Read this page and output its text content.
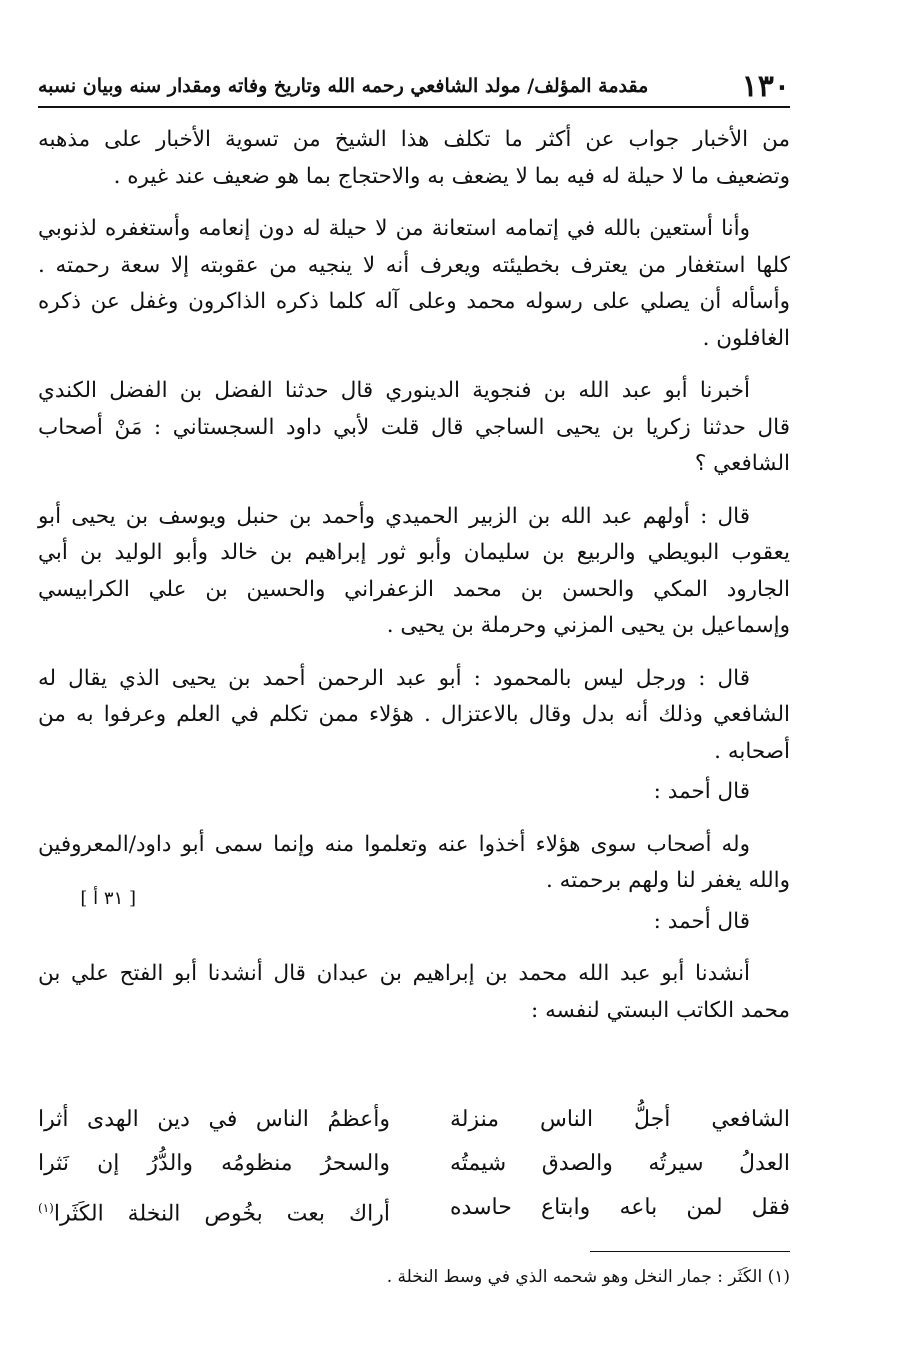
١٣٠
مقدمة المؤلف/ مولد الشافعي رحمه الله وتاريخ وفاته ومقدار سنه وبيان نسبه

من الأخبار جواب عن أكثر ما تكلف هذا الشيخ من تسوية الأخبار على مذهبه
وتضعيف ما لا حيلة له فيه بما لا يضعف به والاحتجاج بما هو ضعيف عند غيره .

وأنا أستعين بالله في إتمامه استعانة من لا حيلة له دون إنعامه وأستغفره لذنوبي
كلها استغفار من يعترف بخطيئته ويعرف أنه لا ينجيه من عقوبته إلا سعة رحمته .
وأسأله أن يصلي على رسوله محمد وعلى آله كلما ذكره الذاكرون وغفل عن ذكره
الغافلون .

أخبرنا أبو عبد الله بن فنجوية الدينوري قال حدثنا الفضل بن الفضل الكندي
قال حدثنا زكريا بن يحيى الساجي قال قلت لأبي داود السجستاني : مَنْ أصحاب
الشافعي ؟

قال : أولهم عبد الله بن الزبير الحميدي وأحمد بن حنبل ويوسف بن يحيى أبو
يعقوب البويطي والربيع بن سليمان وأبو ثور إبراهيم بن خالد وأبو الوليد بن أبي
الجارود المكي والحسن بن محمد الزعفراني والحسين بن علي الكرابيسي
وإسماعيل بن يحيى المزني وحرملة بن يحيى .

قال : ورجل ليس بالمحمود : أبو عبد الرحمن أحمد بن يحيى الذي يقال له
الشافعي وذلك أنه بدل وقال بالاعتزال . هؤلاء ممن تكلم في العلم وعرفوا به من
أصحابه .

قال أحمد :

وله أصحاب سوى هؤلاء أخذوا عنه وتعلموا منه وإنما سمى أبو داود/المعروفين
والله يغفر لنا ولهم برحمته .

قال أحمد :

أنشدنا أبو عبد الله محمد بن إبراهيم بن عبدان قال أنشدنا أبو الفتح علي بن
محمد الكاتب البستي لنفسه :

[ ٣١ أ ]
الشافعي أجلُّ الناس منزلة
وأعظمُ الناس في دين الهدى أثرا
العدلُ سيرتُه والصدق شيمتُه
والسحرُ منظومُه والدُّرُ إن نَثرا
فقل لمن باعه وابتاع حاسده
أراك بعت بخُوص النخلة الكَثَرا$^{(١)}$
(١) الكَثَر : جمار النخل وهو شحمه الذي في وسط النخلة .
